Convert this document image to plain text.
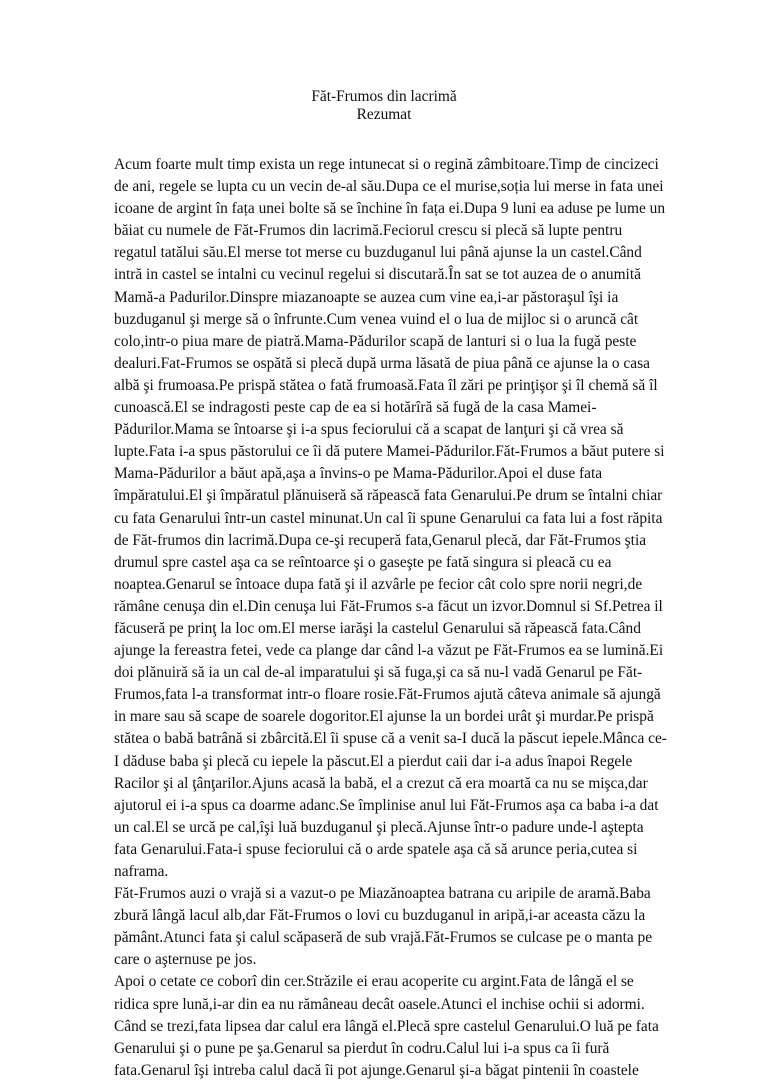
Făt-Frumos din lacrimă
Rezumat
Acum foarte mult timp exista un rege intunecat si o regină zâmbitoare.Timp de cincizeci
de ani, regele se lupta cu un vecin de-al său.Dupa ce el murise,soția lui merse in fata unei
icoane de argint în fața unei bolte să se închine în fața ei.Dupa 9 luni ea aduse pe lume un
băiat cu numele de Făt-Frumos din lacrimă.Feciorul crescu si plecă să lupte pentru
regatul tatălui său.El merse tot merse cu buzduganul lui până ajunse la un castel.Când
intră in castel se intalni cu vecinul regelui si discutară.În sat se tot auzea de o anumită
Mamă-a Padurilor.Dinspre miazanoapte se auzea cum vine ea,i-ar păstoraşul îşi ia
buzduganul şi merge să o înfrunte.Cum venea vuind el o lua de mijloc si o aruncă cât
colo,intr-o piua mare de piatră.Mama-Pădurilor scapă de lanturi si o lua la fugă peste
dealuri.Fat-Frumos se ospătă si plecă după urma lăsată de piua până ce ajunse la o casa
albă şi frumoasa.Pe prispă stătea o fată frumoasă.Fata îl zări pe prinţişor şi îl chemă să îl
cunoască.El se indragosti peste cap de ea si hotărîră să fugă de la casa Mamei-
Pădurilor.Mama se întoarse şi i-a spus feciorului că a scapat de lanţuri şi că vrea să
lupte.Fata i-a spus păstorului ce îi dă putere Mamei-Pădurilor.Făt-Frumos a băut putere si
Mama-Pădurilor a băut apă,aşa a învins-o pe Mama-Pădurilor.Apoi el duse fata
împăratului.El şi împăratul plănuiseră să răpească fata Genarului.Pe drum se întalni chiar
cu fata Genarului într-un castel minunat.Un cal îi spune Genarului ca fata lui a fost răpita
de Făt-frumos din lacrimă.Dupa ce-şi recuperă fata,Genarul plecă, dar Făt-Frumos ştia
drumul spre castel aşa ca se reîntoarce şi o gaseşte pe fată singura si pleacă cu ea
noaptea.Genarul se întoace dupa fată şi il azvârle pe fecior cât colo spre norii negri,de
rămâne cenuşa din el.Din cenuşa lui Făt-Frumos s-a făcut un izvor.Domnul si Sf.Petrea il
făcuseră pe prinţ la loc om.El merse iarăşi la castelul Genarului să răpească fata.Când
ajunge la fereastra fetei, vede ca plange dar când l-a văzut pe Făt-Frumos ea se lumină.Ei
doi plănuiră să ia un cal de-al imparatului şi să fuga,şi ca să nu-l vadă Genarul pe Făt-
Frumos,fata l-a transformat intr-o floare rosie.Făt-Frumos ajută câteva animale să ajungă
in mare sau să scape de soarele dogoritor.El ajunse la un bordei urât şi murdar.Pe prispă
stătea o babă batrână si zbârcită.El îi spuse că a venit sa-I ducă la păscut iepele.Mânca ce-
I dăduse baba şi plecă cu iepele la păscut.El a pierdut caii dar i-a adus înapoi Regele
Racilor şi al ţânţarilor.Ajuns acasă la babă, el a crezut că era moartă ca nu se mişca,dar
ajutorul ei i-a spus ca doarme adanc.Se împlinise anul lui Făt-Frumos aşa ca baba i-a dat
un cal.El se urcă pe cal,îşi luă buzduganul şi plecă.Ajunse într-o padure unde-l aştepta
fata Genarului.Fata-i spuse feciorului că o arde spatele aşa că să arunce peria,cutea si
naframa.
Făt-Frumos auzi o vrajă si a vazut-o pe Miazănoaptea batrana cu aripile de aramă.Baba
zbură lângă lacul alb,dar Făt-Frumos o lovi cu buzduganul in aripă,i-ar aceasta căzu la
pământ.Atunci fata şi calul scăpaseră de sub vrajă.Făt-Frumos se culcase pe o manta pe
care o aşternuse pe jos.
Apoi o cetate ce coborî din cer.Străzile ei erau acoperite cu argint.Fata de lângă el se
ridica spre lună,i-ar din ea nu rămâneau decât oasele.Atunci el inchise ochii si adormi.
Când se trezi,fata lipsea dar calul era lângă el.Plecă spre castelul Genarului.O luă pe fata
Genarului şi o pune pe şa.Genarul sa pierdut în codru.Calul lui i-a spus ca îi fură
fata.Genarul îşi intreba calul dacă îi pot ajunge.Genarul şi-a băgat pintenii în coastele
